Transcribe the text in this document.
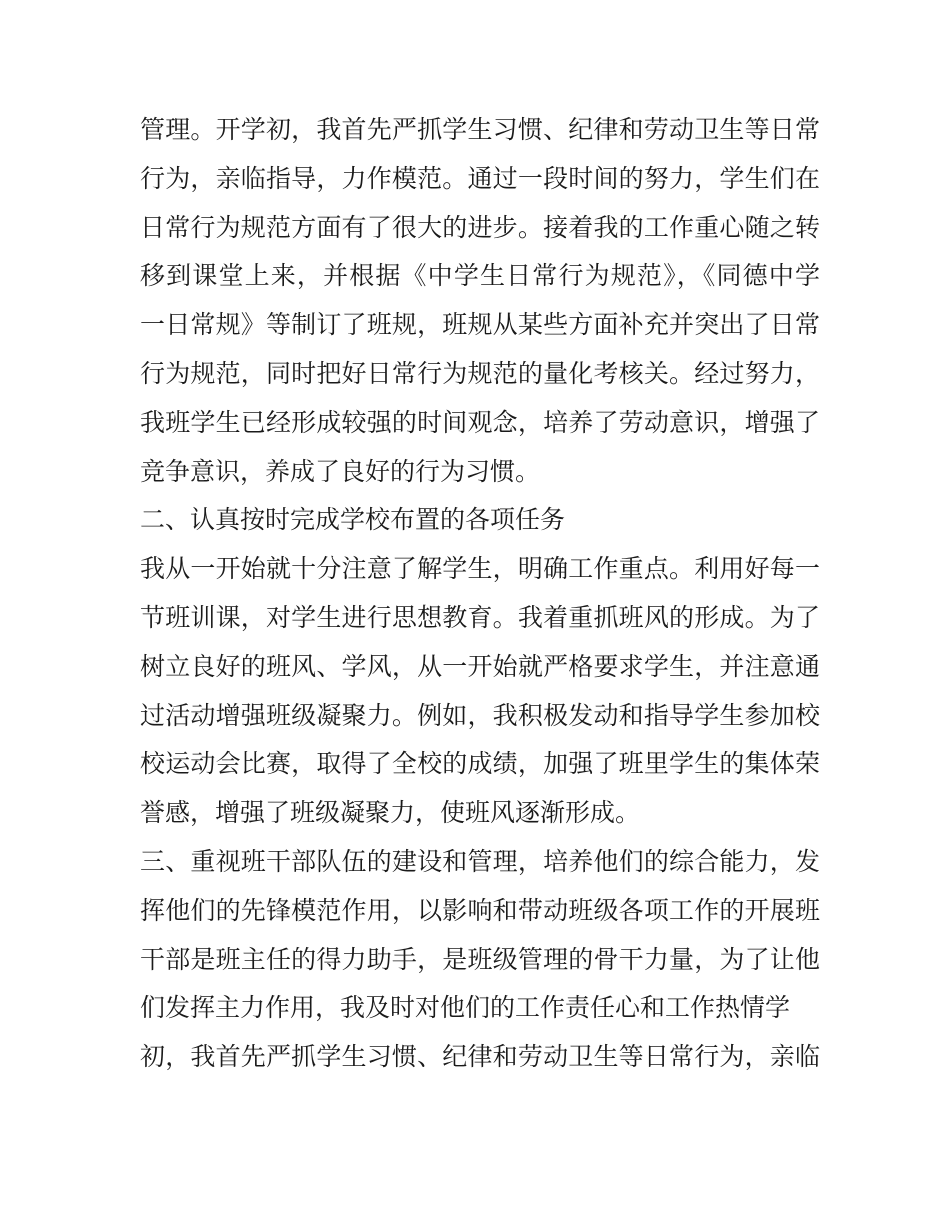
管理。开学初，我首先严抓学生习惯、纪律和劳动卫生等日常
行为，亲临指导，力作模范。通过一段时间的努力，学生们在
日常行为规范方面有了很大的进步。接着我的工作重心随之转
移到课堂上来，并根据《中学生日常行为规范》，《同德中学
一日常规》等制订了班规，班规从某些方面补充并突出了日常
行为规范，同时把好日常行为规范的量化考核关。经过努力，
我班学生已经形成较强的时间观念，培养了劳动意识，增强了
竞争意识，养成了良好的行为习惯。
二、认真按时完成学校布置的各项任务
我从一开始就十分注意了解学生，明确工作重点。利用好每一
节班训课，对学生进行思想教育。我着重抓班风的形成。为了
树立良好的班风、学风，从一开始就严格要求学生，并注意通
过活动增强班级凝聚力。例如，我积极发动和指导学生参加校
校运动会比赛，取得了全校的成绩，加强了班里学生的集体荣
誉感，增强了班级凝聚力，使班风逐渐形成。
三、重视班干部队伍的建设和管理，培养他们的综合能力，发
挥他们的先锋模范作用，以影响和带动班级各项工作的开展班
干部是班主任的得力助手，是班级管理的骨干力量，为了让他
们发挥主力作用，我及时对他们的工作责任心和工作热情学
初，我首先严抓学生习惯、纪律和劳动卫生等日常行为，亲临
